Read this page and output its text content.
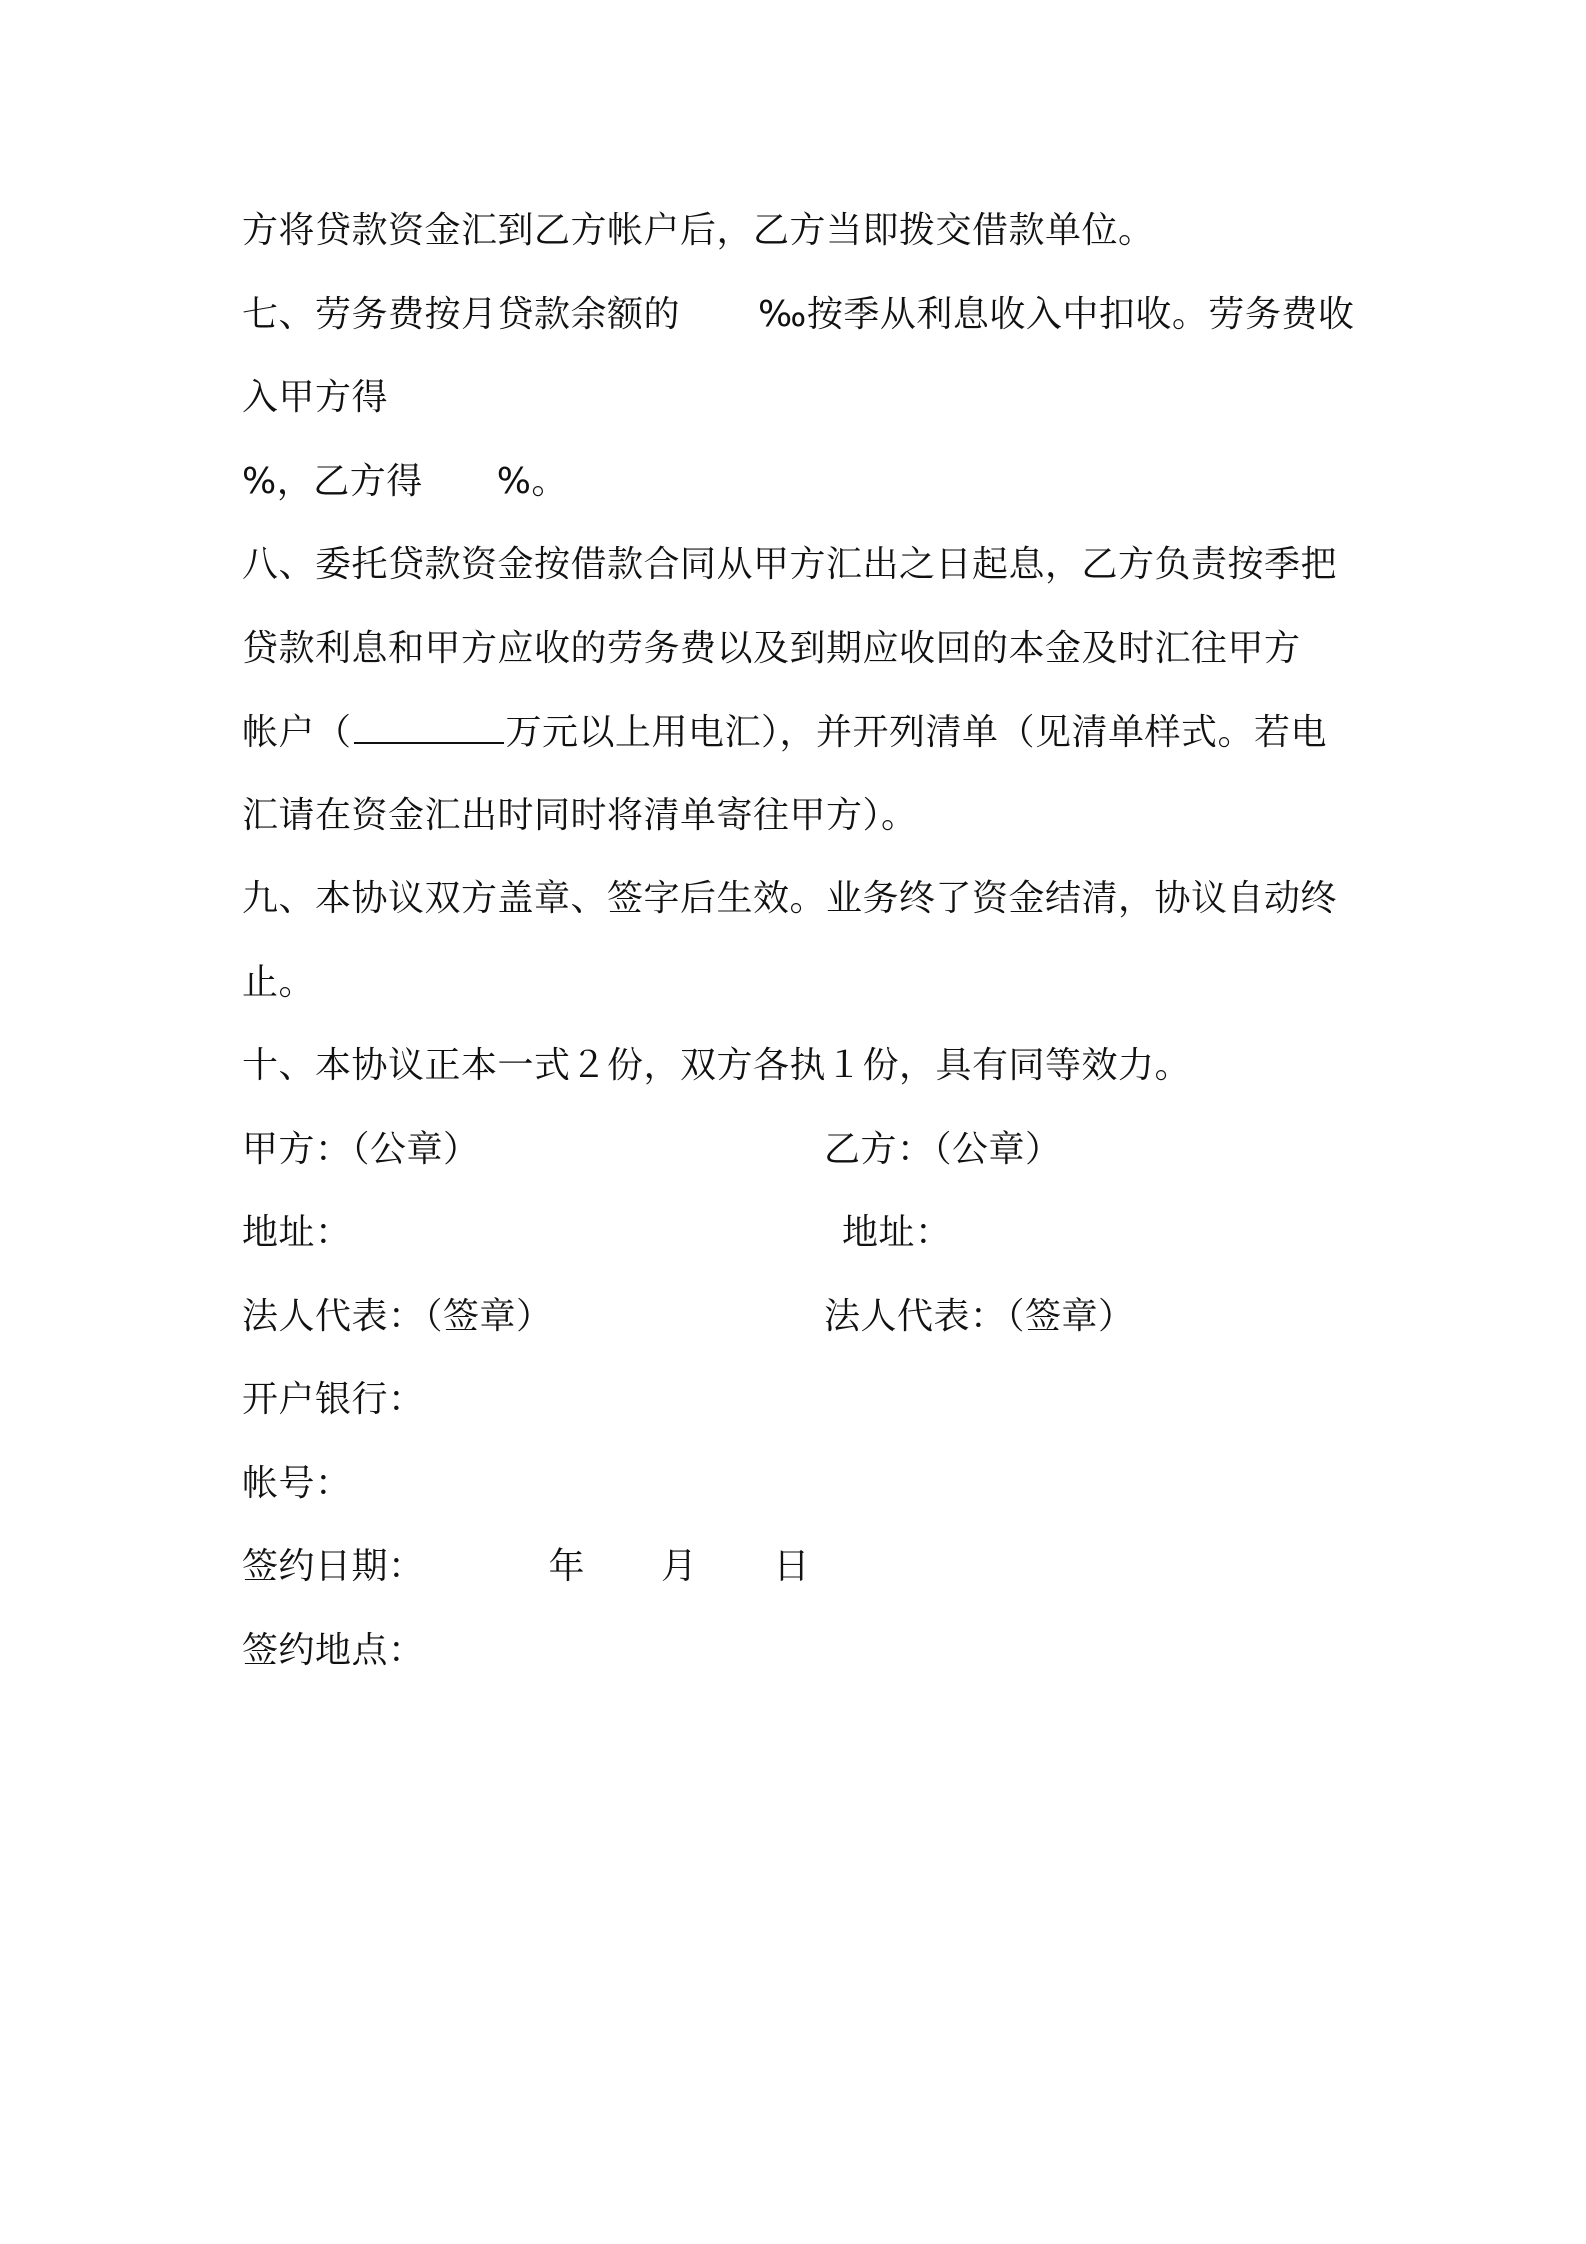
方将贷款资金汇到乙方帐户后，乙方当即拨交借款单位。
七、劳务费按月贷款余额的 ‰按季从利息收入中扣收。劳务费收
入甲方得
%，乙方得 %。
八、委托贷款资金按借款合同从甲方汇出之日起息，乙方负责按季把
贷款利息和甲方应收的劳务费以及到期应收回的本金及时汇往甲方
帐户（	万元以上用电汇），并开列清单（见清单样式。若电
汇请在资金汇出时同时将清单寄往甲方）。
九、本协议双方盖章、签字后生效。业务终了资金结清，协议自动终
止。
十、本协议正本一式２份，双方各执１份，具有同等效力。
甲方：（公章）	乙方：（公章）
地址：	地址：
法人代表：（签章）	法人代表：（签章）
开户银行：
帐号：
签约日期：	年 月 日
签约地点：
